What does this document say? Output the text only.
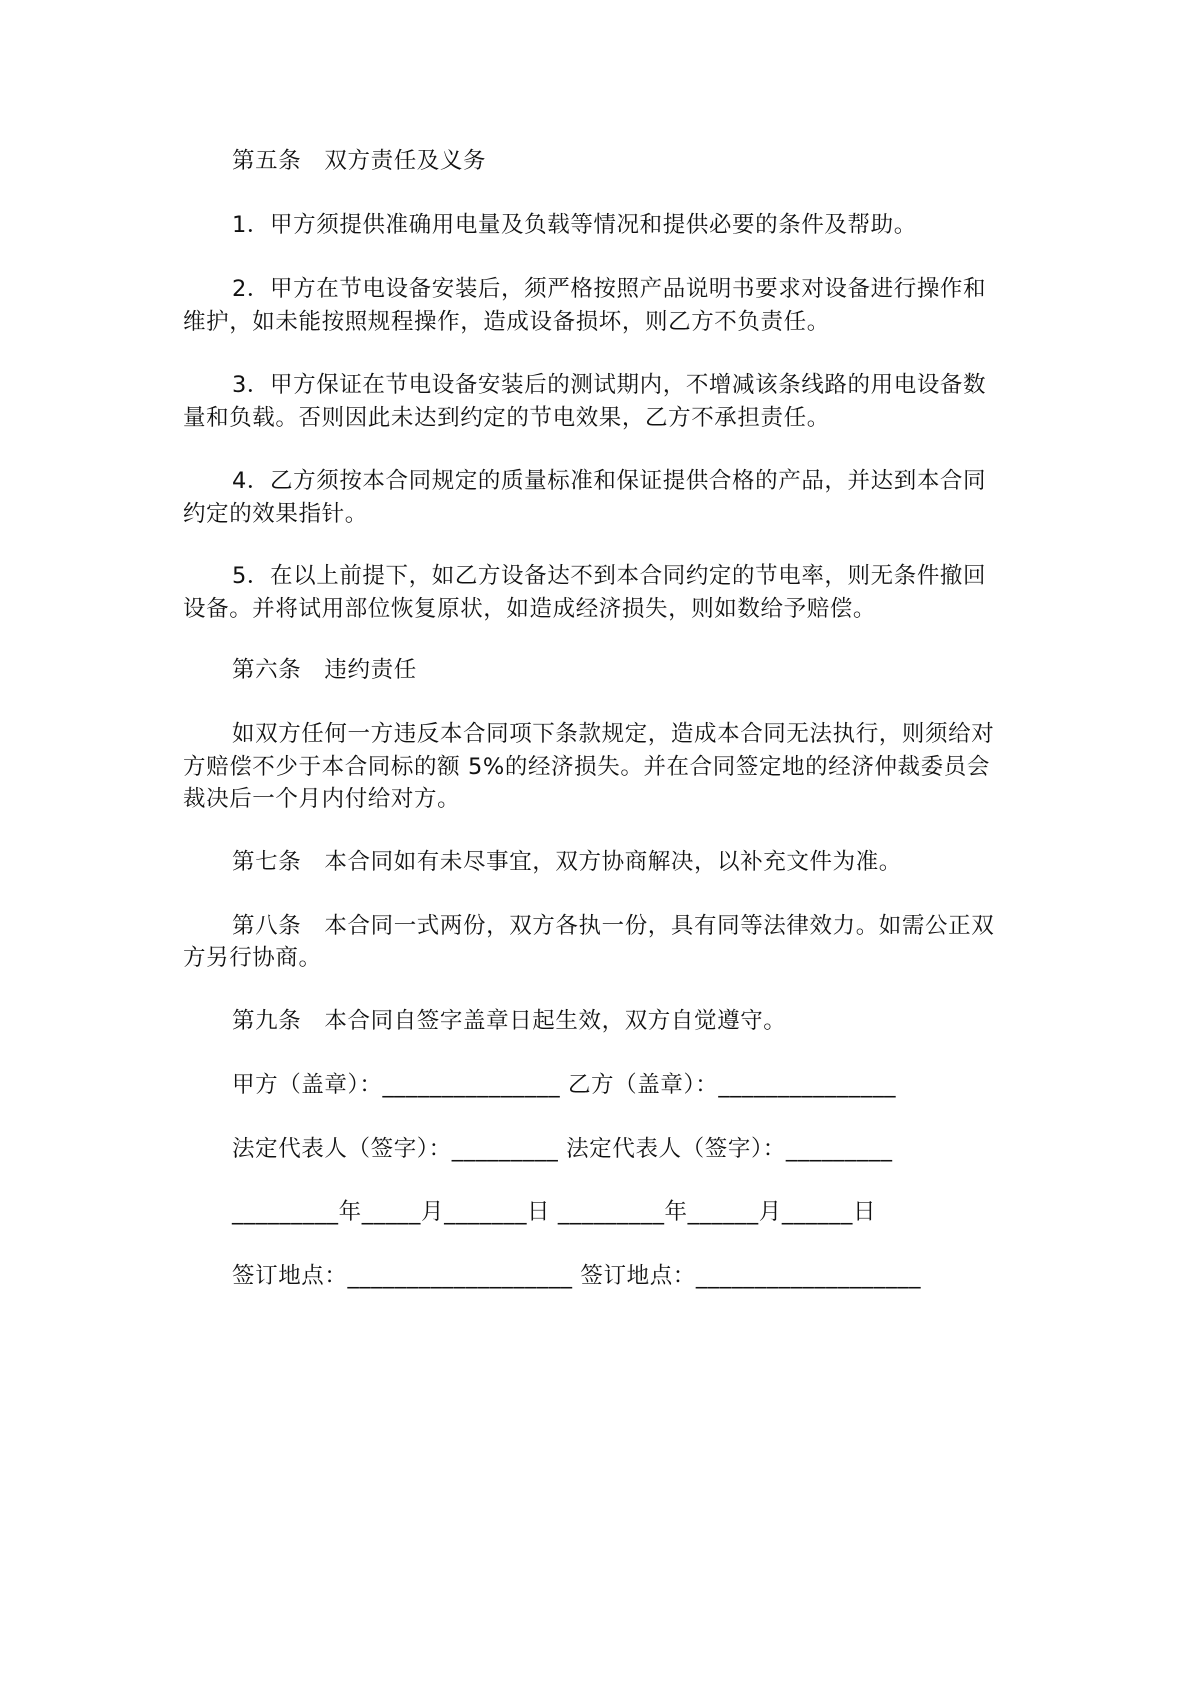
第五条　双方责任及义务
1．甲方须提供准确用电量及负载等情况和提供必要的条件及帮助。
2．甲方在节电设备安装后，须严格按照产品说明书要求对设备进行操作和
维护，如未能按照规程操作，造成设备损坏，则乙方不负责任。
3．甲方保证在节电设备安装后的测试期内，不增减该条线路的用电设备数
量和负载。否则因此未达到约定的节电效果，乙方不承担责任。
4．乙方须按本合同规定的质量标准和保证提供合格的产品，并达到本合同
约定的效果指针。
5．在以上前提下，如乙方设备达不到本合同约定的节电率，则无条件撤回
设备。并将试用部位恢复原状，如造成经济损失，则如数给予赔偿。
第六条　违约责任
如双方任何一方违反本合同项下条款规定，造成本合同无法执行，则须给对
方赔偿不少于本合同标的额 5%的经济损失。并在合同签定地的经济仲裁委员会
裁决后一个月内付给对方。
第七条　本合同如有未尽事宜，双方协商解决，以补充文件为准。
第八条　本合同一式两份，双方各执一份，具有同等法律效力。如需公正双
方另行协商。
第九条　本合同自签字盖章日起生效，双方自觉遵守。
甲方（盖章）：_______________ 乙方（盖章）：_______________
法定代表人（签字）：_________ 法定代表人（签字）：_________
_________年_____月_______日 _________年______月______日
签订地点：___________________ 签订地点：___________________
